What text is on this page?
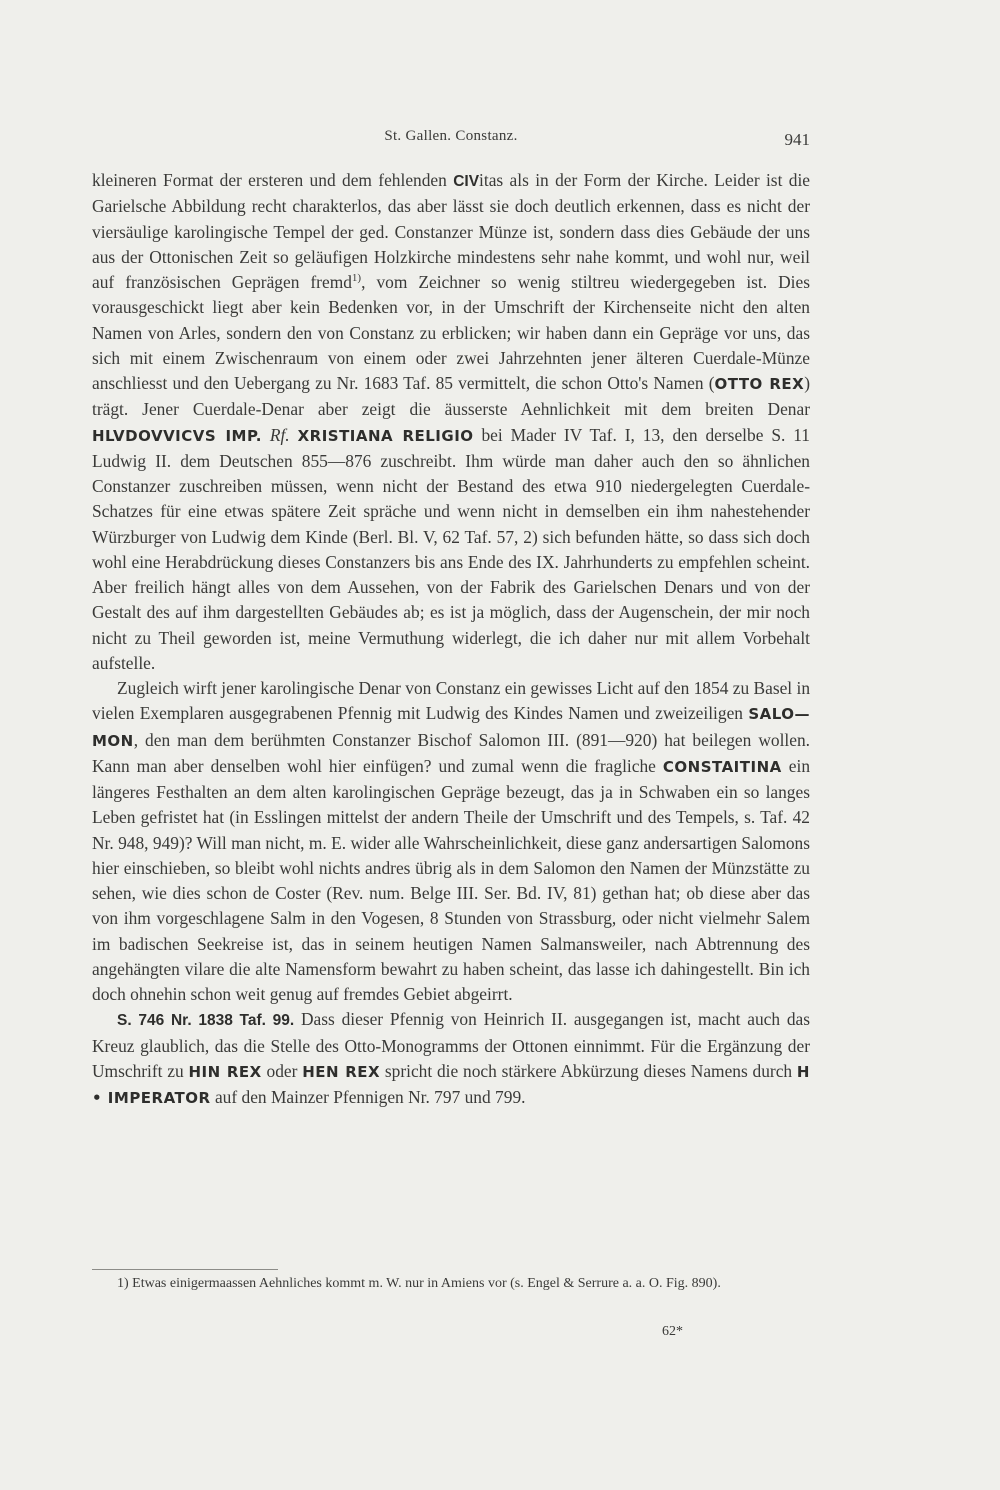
St. Gallen. Constanz.	941

kleineren Format der ersteren und dem fehlenden CIVitas als in der Form der Kirche. Leider ist die Garielsche Abbildung recht charakterlos, das aber lässt sie doch deutlich erkennen, dass es nicht der viersäulige karolingische Tempel der ged. Constanzer Münze ist, sondern dass dies Gebäude der uns aus der Ottonischen Zeit so geläufigen Holzkirche mindestens sehr nahe kommt, und wohl nur, weil auf französischen Geprägen fremd$^{1)}$, vom Zeichner so wenig stiltreu wiedergegeben ist. Dies vorausgeschickt liegt aber kein Bedenken vor, in der Umschrift der Kirchenseite nicht den alten Namen von Arles, sondern den von Constanz zu erblicken; wir haben dann ein Gepräge vor uns, das sich mit einem Zwischenraum von einem oder zwei Jahrzehnten jener älteren Cuerdale-Münze anschliesst und den Uebergang zu Nr. 1683 Taf. 85 vermittelt, die schon Otto's Namen (OTTO REX) trägt. Jener Cuerdale-Denar aber zeigt die äusserste Aehnlichkeit mit dem breiten Denar HLVDOVVICVS IMP. Rf. XRISTIANA RELIGIO bei Mader IV Taf. I, 13, den derselbe S. 11 Ludwig II. dem Deutschen 855—876 zuschreibt. Ihm würde man daher auch den so ähnlichen Constanzer zuschreiben müssen, wenn nicht der Bestand des etwa 910 niedergelegten Cuerdale-Schatzes für eine etwas spätere Zeit spräche und wenn nicht in demselben ein ihm nahestehender Würzburger von Ludwig dem Kinde (Berl. Bl. V, 62 Taf. 57, 2) sich befunden hätte, so dass sich doch wohl eine Herabdrückung dieses Constanzers bis ans Ende des IX. Jahrhunderts zu empfehlen scheint. Aber freilich hängt alles von dem Aussehen, von der Fabrik des Garielschen Denars und von der Gestalt des auf ihm dargestellten Gebäudes ab; es ist ja möglich, dass der Augenschein, der mir noch nicht zu Theil geworden ist, meine Vermuthung widerlegt, die ich daher nur mit allem Vorbehalt aufstelle.

Zugleich wirft jener karolingische Denar von Constanz ein gewisses Licht auf den 1854 zu Basel in vielen Exemplaren ausgegrabenen Pfennig mit Ludwig des Kindes Namen und zweizeiligen SALO—MON, den man dem berühmten Constanzer Bischof Salomon III. (891—920) hat beilegen wollen. Kann man aber denselben wohl hier einfügen? und zumal wenn die fragliche CONSTAITINA ein längeres Festhalten an dem alten karolingischen Gepräge bezeugt, das ja in Schwaben ein so langes Leben gefristet hat (in Esslingen mittelst der andern Theile der Umschrift und des Tempels, s. Taf. 42 Nr. 948, 949)? Will man nicht, m. E. wider alle Wahrscheinlichkeit, diese ganz andersartigen Salomons hier einschieben, so bleibt wohl nichts andres übrig als in dem Salomon den Namen der Münzstätte zu sehen, wie dies schon de Coster (Rev. num. Belge III. Ser. Bd. IV, 81) gethan hat; ob diese aber das von ihm vorgeschlagene Salm in den Vogesen, 8 Stunden von Strassburg, oder nicht vielmehr Salem im badischen Seekreise ist, das in seinem heutigen Namen Salmansweiler, nach Abtrennung des angehängten vilare die alte Namensform bewahrt zu haben scheint, das lasse ich dahingestellt. Bin ich doch ohnehin schon weit genug auf fremdes Gebiet abgeirrt.

S. 746 Nr. 1838 Taf. 99. Dass dieser Pfennig von Heinrich II. ausgegangen ist, macht auch das Kreuz glaublich, das die Stelle des Otto-Monogramms der Ottonen einnimmt. Für die Ergänzung der Umschrift zu HIN REX oder HEN REX spricht die noch stärkere Abkürzung dieses Namens durch H • IMPERATOR auf den Mainzer Pfennigen Nr. 797 und 799.

1) Etwas einigermaassen Aehnliches kommt m. W. nur in Amiens vor (s. Engel & Serrure a. a. O. Fig. 890).

62*
